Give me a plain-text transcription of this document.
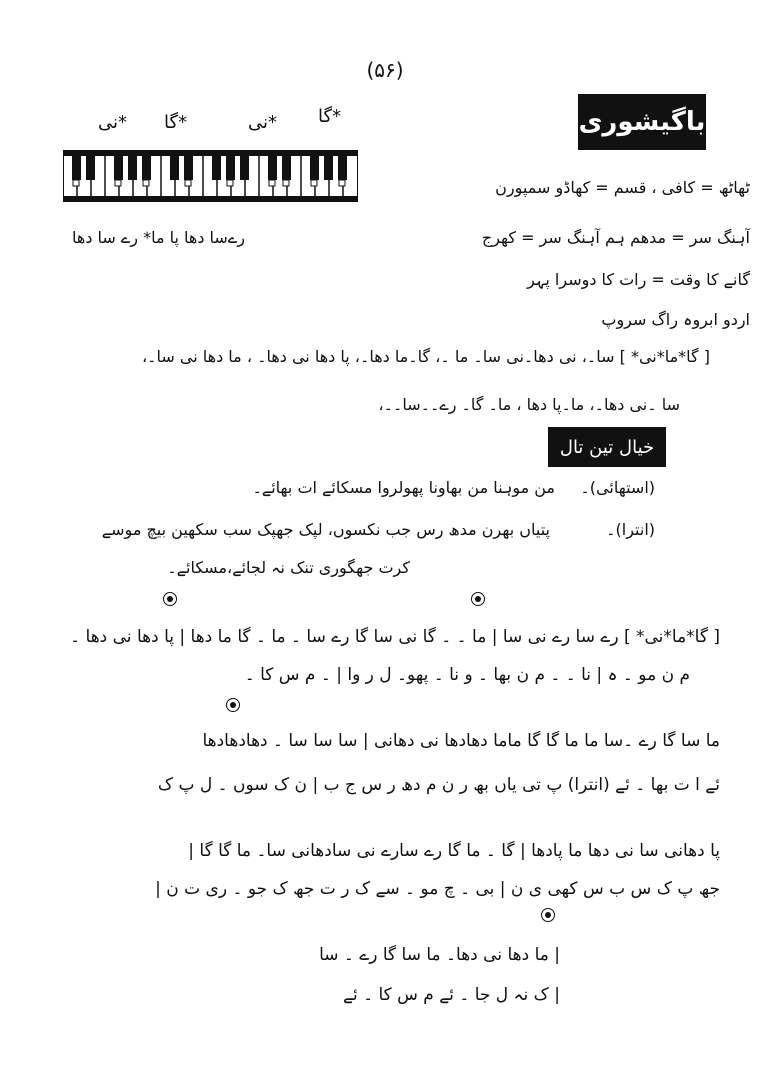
(۵۶)
نی* گا*	نی* گا*	باگیشوری
رےسا دھا پا ما* رے سا دھا
ٹھاٹھ = کافی ، قسم = کھاڈو سمپورن
آہنگ سر = مدھم ہم آہنگ سر = کھرج
گانے کا وقت = رات کا دوسرا پہر
اردو ابروہ راگ سروپ
[ گا*ما*نی* ] سا۔، نی دھا۔نی سا۔ ما ۔، گا۔ما دھا۔، پا دھا نی دھا۔ ، ما دھا نی سا۔،
سا ۔نی دھا۔، ما۔پا دھا ، ما۔ گا۔ رے۔۔سا۔۔،
خیال تین تال
(استھائی)۔
من موہنا من بھاونا پھولروا مسکائے ات بھائے۔
(انترا)۔
پتیاں بھرن مدھ رس جب نکسوں، لپک جھپک سب سکھین بیچ موسے
کرت جھگوری تنک نہ لجائے،مسکائے۔
[ گا*ما*نی* ] رے سا رے نی سا | ما ۔ ۔ گا نی سا گا رے سا ۔ ما ۔ گا ما دھا | پا دھا نی دھا ۔
م ن مو ۔ ہ | نا ۔ ۔ م ن بھا ۔ و نا ۔ پھو۔ ل ر وا | ۔ م س کا ۔
ما سا گا رے ۔سا ما ما گا گا ماما دھادھا نی دھانی | سا سا سا ۔ دھادھادھا
ئے ا ت بھا ۔ ئے (انترا) پ تی یاں بھ ر ن م دھ ر س ج ب | ن ک سوں ۔ ل پ ک
پا دھانی سا نی دھا ما پادھا | گا ۔ ما گا رے سارے نی سادھانی سا۔ ما گا گا |
جھ پ ک س ب س کھی ی ن | بی ۔ چ مو ۔ سے ک ر ت جھ ک جو ۔ ری ت ن |
| ما دھا نی دھا۔ ما سا گا رے ۔ سا
| ک نہ ل جا ۔ ئے م س کا ۔ ئے
